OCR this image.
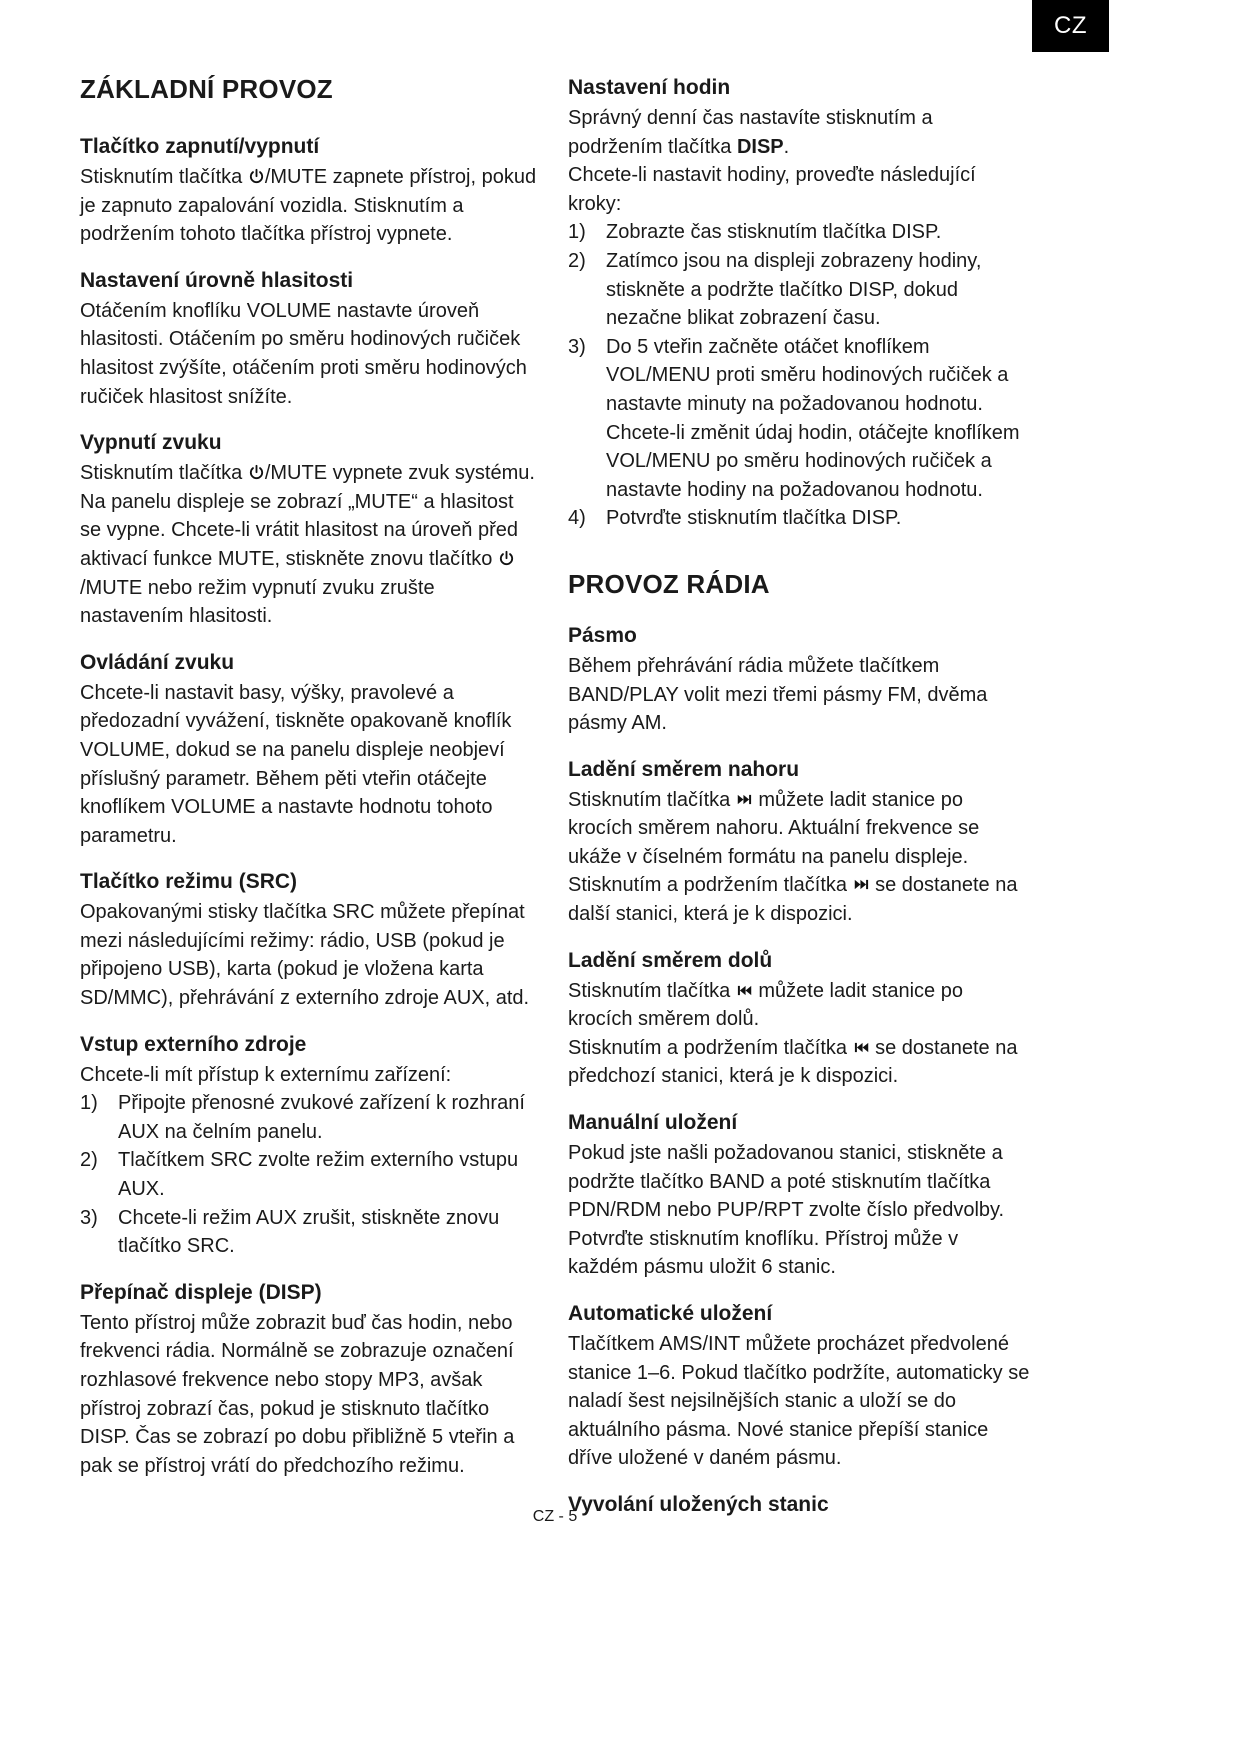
CZ
ZÁKLADNÍ PROVOZ
Tlačítko zapnutí/vypnutí

Stisknutím tlačítka
/MUTE zapnete přístroj, pokud je zapnuto zapalování vozidla. Stisknutím a podržením tohoto tlačítka přístroj vypnete.

Nastavení úrovně hlasitosti

Otáčením knoflíku VOLUME nastavte úroveň hlasitosti. Otáčením po směru hodinových ručiček hlasitost zvýšíte, otáčením proti směru hodinových ručiček hlasitost snížíte.

Vypnutí zvuku

Stisknutím tlačítka
/MUTE vypnete zvuk systému. Na panelu displeje se zobrazí „MUTE“ a hlasitost se vypne. Chcete-li vrátit hlasitost na úroveň před aktivací funkce MUTE, stiskněte znovu tlačítko
/MUTE nebo režim vypnutí zvuku zrušte nastavením hlasitosti.

Ovládání zvuku

Chcete-li nastavit basy, výšky, pravolevé a předozadní vyvážení, tiskněte opakovaně knoflík VOLUME, dokud se na panelu displeje neobjeví příslušný parametr. Během pěti vteřin otáčejte knoflíkem VOLUME a nastavte hodnotu tohoto parametru.

Tlačítko režimu (SRC)

Opakovanými stisky tlačítka SRC můžete přepínat mezi následujícími režimy: rádio, USB (pokud je připojeno USB), karta (pokud je vložena karta SD/MMC), přehrávání z externího zdroje AUX, atd.

Vstup externího zdroje

Chcete-li mít přístup k externímu zařízení:

1)	Připojte přenosné zvukové zařízení k rozhraní AUX na čelním panelu.
2)	Tlačítkem SRC zvolte režim externího vstupu AUX.
3)	Chcete-li režim AUX zrušit, stiskněte znovu tlačítko SRC.
Přepínač displeje (DISP)

Tento přístroj může zobrazit buď čas hodin, nebo frekvenci rádia. Normálně se zobrazuje označení rozhlasové frekvence nebo stopy MP3, avšak přístroj zobrazí čas, pokud je stisknuto tlačítko DISP. Čas se zobrazí po dobu přibližně 5 vteřin a pak se přístroj vrátí do předchozího režimu.

Nastavení hodin

Správný denní čas nastavíte stisknutím a podržením tlačítka DISP.

Chcete-li nastavit hodiny, proveďte následující kroky:

1)	Zobrazte čas stisknutím tlačítka DISP.
2)	Zatímco jsou na displeji zobrazeny hodiny, stiskněte a podržte tlačítko DISP, dokud nezačne blikat zobrazení času.
3)	Do 5 vteřin začněte otáčet knoflíkem VOL/MENU proti směru hodinových ručiček a nastavte minuty na požadovanou hodnotu. Chcete-li změnit údaj hodin, otáčejte knoflíkem VOL/MENU po směru hodinových ručiček a nastavte hodiny na požadovanou hodnotu.
4)	Potvrďte stisknutím tlačítka DISP.
PROVOZ RÁDIA
Pásmo

Během přehrávání rádia můžete tlačítkem BAND/PLAY volit mezi třemi pásmy FM, dvěma pásmy AM.

Ladění směrem nahoru

Stisknutím tlačítka
můžete ladit stanice po krocích směrem nahoru. Aktuální frekvence se ukáže v číselném formátu na panelu displeje. Stisknutím a podržením tlačítka
se dostanete na další stanici, která je k dispozici.

Ladění směrem dolů

Stisknutím tlačítka
můžete ladit stanice po krocích směrem dolů.

Stisknutím a podržením tlačítka
se dostanete na předchozí stanici, která je k dispozici.

Manuální uložení

Pokud jste našli požadovanou stanici, stiskněte a podržte tlačítko BAND a poté stisknutím tlačítka PDN/RDM nebo PUP/RPT zvolte číslo předvolby. Potvrďte stisknutím knoflíku. Přístroj může v každém pásmu uložit 6 stanic.

Automatické uložení

Tlačítkem AMS/INT můžete procházet předvolené stanice 1–6. Pokud tlačítko podržíte, automaticky se naladí šest nejsilnějších stanic a uloží se do aktuálního pásma. Nové stanice přepíší stanice dříve uložené v daném pásmu.

Vyvolání uložených stanic
CZ - 5
